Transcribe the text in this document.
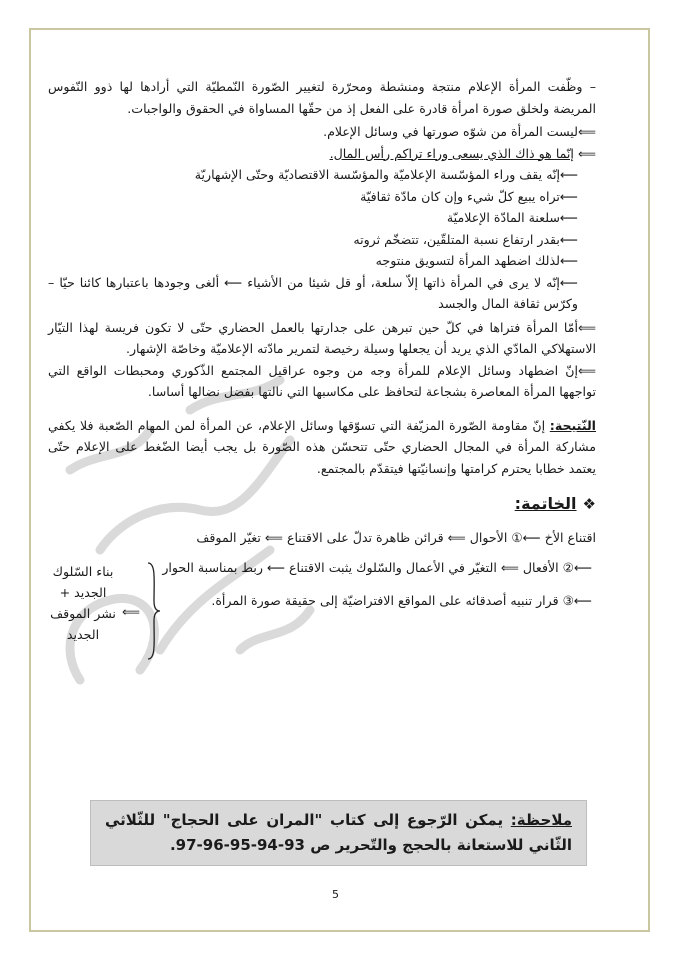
– وظّفت المرأة الإعلام منتجة ومنشطة ومحرّرة لتغيير الصّورة النّمطيّة التي أرادها لها ذوو النّفوس المريضة ولخلق صورة امرأة قادرة على الفعل إذ من حقّها المساواة في الحقوق والواجبات.

⟸ليست المرأة من شوّه صورتها في وسائل الإعلام.

⟸ إنّما هو ذاك الذي يسعى وراء تراكم رأس المال.

⟵إنّه يقف وراء المؤسّسة الإعلاميّة والمؤسّسة الاقتصاديّة وحتّى الإشهاريّة

⟵تراه يبيع كلّ شيء وإن كان مادّة ثقافيّة

⟵سلعنة المادّة الإعلاميّة

⟵بقدر ارتفاع نسبة المتلقّين، تتضخّم ثروته

⟵لذلك اضطهد المرأة لتسويق منتوجه

⟵إنّه لا يرى في المرأة ذاتها إلاّ سلعة، أو قل شيئا من الأشياء ⟵ ألغى وجودها باعتبارها كائنا حيّا – وكرّس ثقافة المال والجسد

⟸أمّا المرأة فتراها في كلّ حين تبرهن على جدارتها بالعمل الحضاري حتّى لا تكون فريسة لهذا التيّار الاستهلاكي المادّي الذي يريد أن يجعلها وسيلة رخيصة لتمرير مادّته الإعلاميّة وخاصّة الإشهار.

⟸إنّ اضطهاد وسائل الإعلام للمرأة وجه من وجوه عراقيل المجتمع الذّكوري ومحبطات الواقع التي تواجهها المرأة المعاصرة بشجاعة لتحافظ على مكاسبها التي نالتها بفضل نضالها أساسا.

النّتيجة: إنّ مقاومة الصّورة المزيّفة التي تسوّقها وسائل الإعلام، عن المرأة لمن المهام الصّعبة فلا يكفي مشاركة المرأة في المجال الحضاري حتّى تتحسّن هذه الصّورة بل يجب أيضا الضّغط على الإعلام حتّى يعتمد خطابا يحترم كرامتها وإنسانيّتها فيتقدّم بالمجتمع.

❖الخاتمة:

اقتناع الأخ ⟵① الأحوال ⟸ قرائن ظاهرة تدلّ على الاقتناع ⟸ تغيّر الموقف

⟵② الأفعال ⟸ التغيّر في الأعمال والسّلوك يثبت الاقتناع ⟵ ربط بمناسبة الحوار

⟵③ قرار تنبيه أصدقائه على المواقع الافتراضيّة إلى حقيقة صورة المرأة.

⟸
بناء السّلوك الجديد + نشر الموقف الجديد
ملاحظة: يمكن الرّجوع إلى كتاب "المران على الحجاج" للثّلاثي الثّاني للاستعانة بالحجج والتّحرير ص 93-94-95-96-97.
5
